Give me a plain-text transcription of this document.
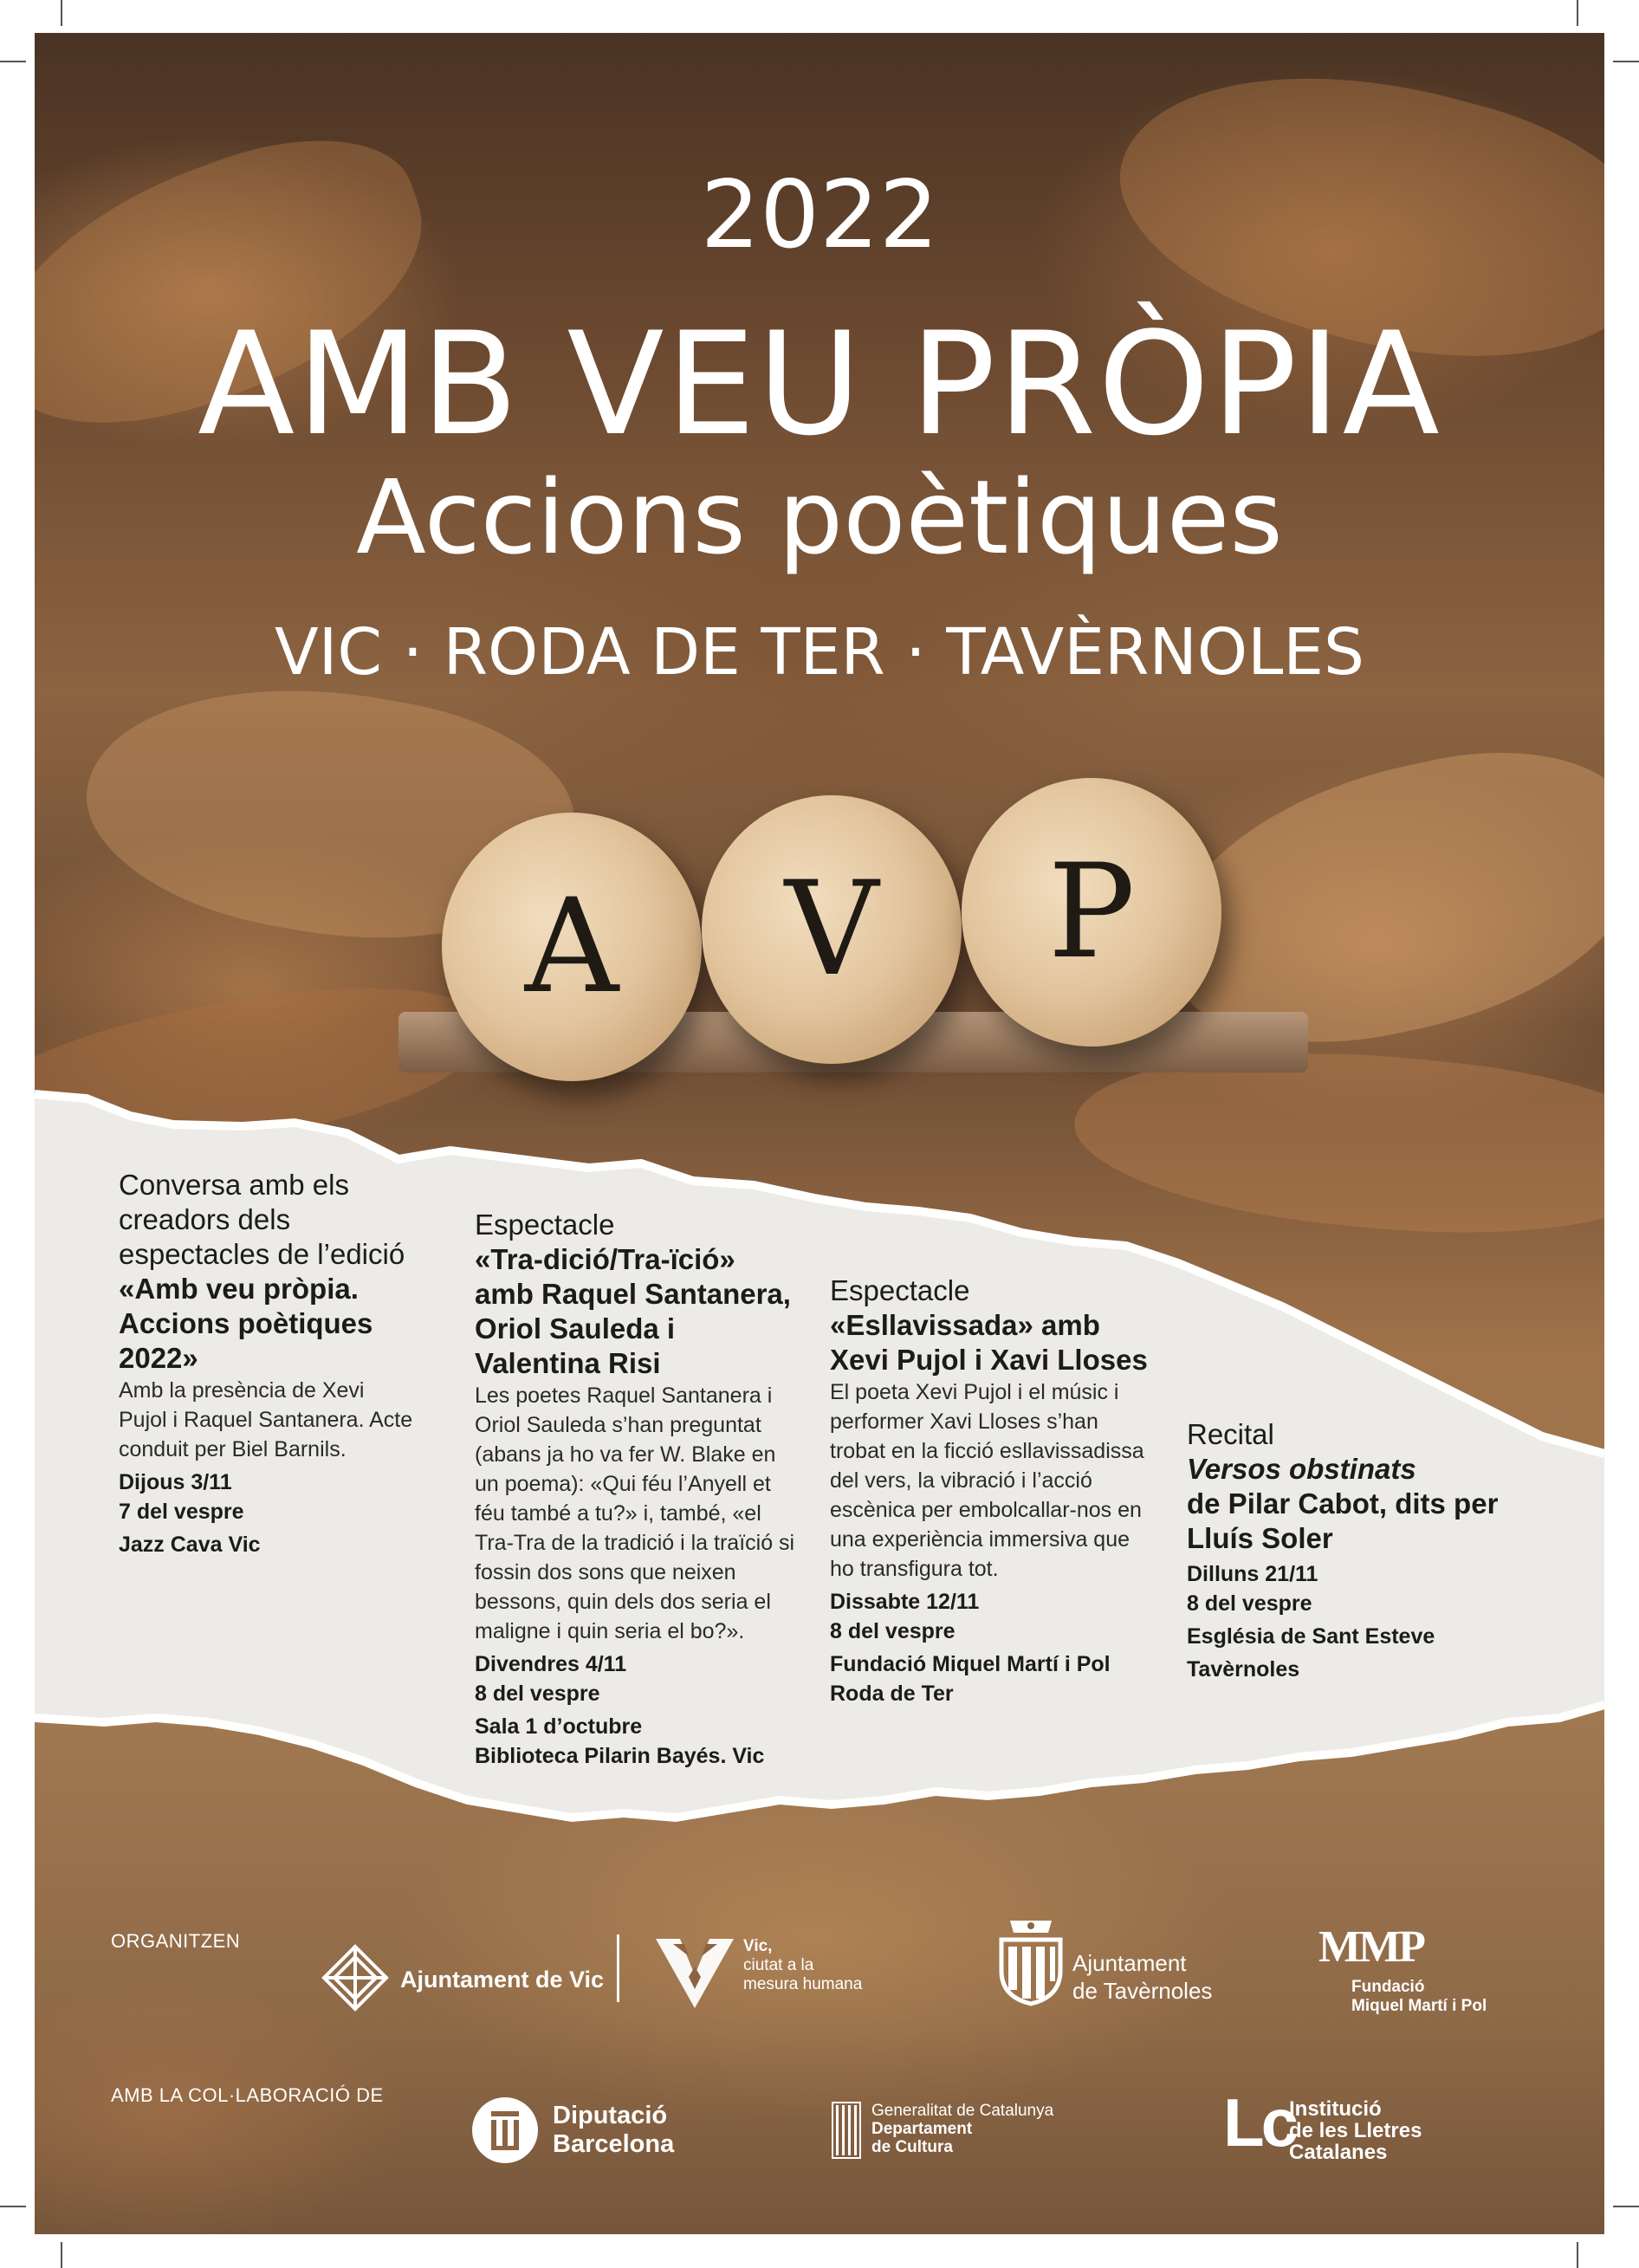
2022
AMB VEU PRÒPIA
Accions poètiques
VIC · RODA DE TER · TAVÈRNOLES
A	V	P
Conversa amb els creadors dels espectacles de l’edició
«Amb veu pròpia. Accions poètiques 2022»
Amb la presència de Xevi Pujol i Raquel Santanera. Acte conduit per Biel Barnils.
Dijous 3/11
7 del vespre
Jazz Cava Vic
Espectacle
«Tra-dició/Tra-ïció» amb Raquel Santanera, Oriol Sauleda i Valentina Risi
Les poetes Raquel Santanera i Oriol Sauleda s’han preguntat (abans ja ho va fer W. Blake en un poema): «Qui féu l’Anyell et féu també a tu?» i, també, «el Tra-Tra de la tradició i la traïció si fossin dos sons que neixen bessons, quin dels dos seria el maligne i quin seria el bo?».
Divendres 4/11
8 del vespre
Sala 1 d’octubre
Biblioteca Pilarin Bayés. Vic
Espectacle
«Esllavissada» amb Xevi Pujol i Xavi Lloses
El poeta Xevi Pujol i el músic i performer Xavi Lloses s’han trobat en la ficció esllavissadissa del vers, la vibració i l’acció escènica per embolcallar-nos en una experiència immersiva que ho transfigura tot.
Dissabte 12/11
8 del vespre
Fundació Miquel Martí i Pol
Roda de Ter
Recital
Versos obstinats
de Pilar Cabot, dits per Lluís Soler
Dilluns 21/11
8 del vespre
Església de Sant Esteve
Tavèrnoles
ORGANITZEN
Ajuntament de Vic
Vic,
ciutat a la
mesura humana
Ajuntament
de Tavèrnoles
MMP
Fundació
Miquel Martí i Pol
AMB LA COL·LABORACIÓ DE
Diputació
Barcelona
Generalitat de Catalunya
Departament
de Cultura	Lc
Institució
de les Lletres
Catalanes
